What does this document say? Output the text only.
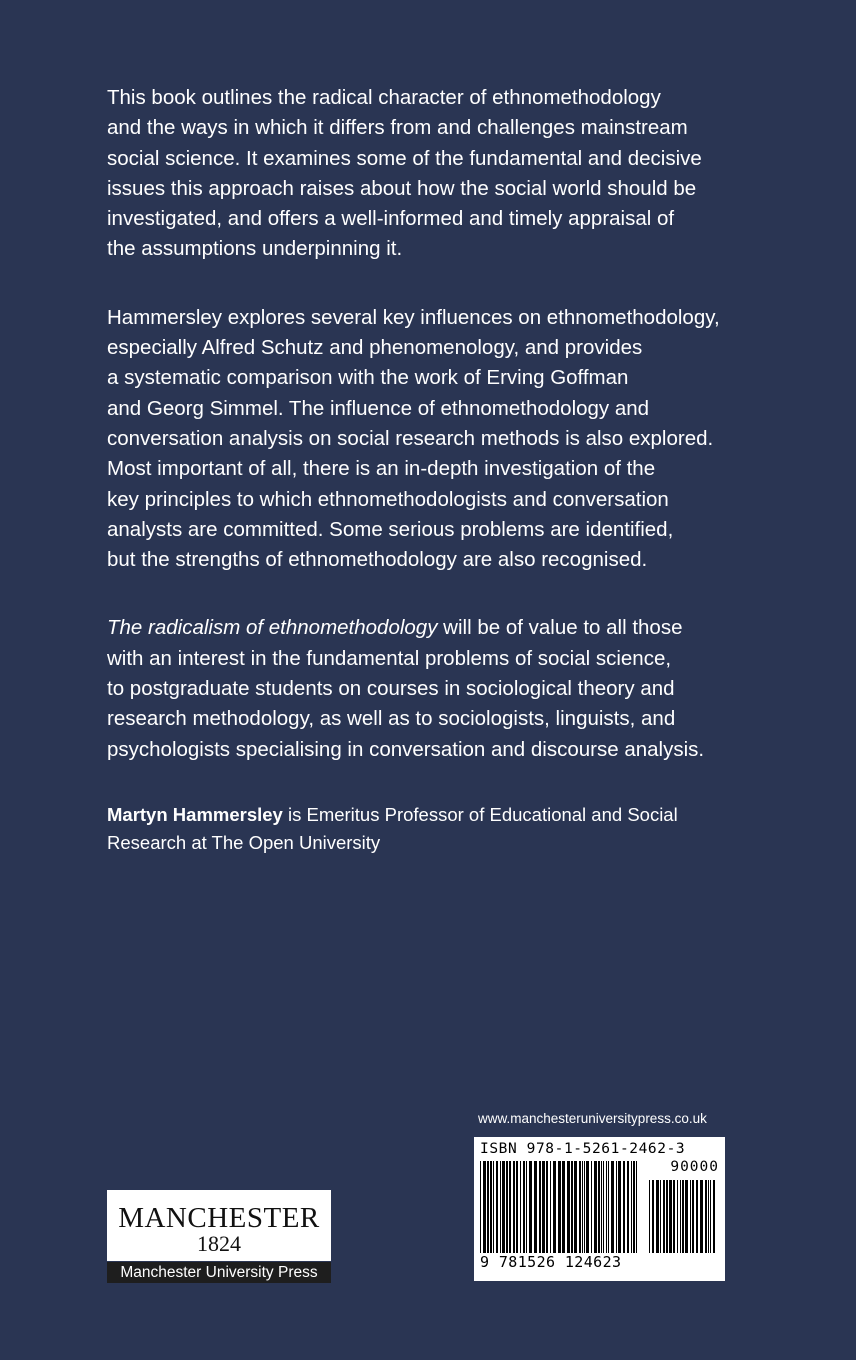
This book outlines the radical character of ethnomethodology
and the ways in which it differs from and challenges mainstream
social science. It examines some of the fundamental and decisive
issues this approach raises about how the social world should be
investigated, and offers a well-informed and timely appraisal of
the assumptions underpinning it.

Hammersley explores several key influences on ethnomethodology,
especially Alfred Schutz and phenomenology, and provides
a systematic comparison with the work of Erving Goffman
and Georg Simmel. The influence of ethnomethodology and
conversation analysis on social research methods is also explored.
Most important of all, there is an in-depth investigation of the
key principles to which ethnomethodologists and conversation
analysts are committed. Some serious problems are identified,
but the strengths of ethnomethodology are also recognised.

The radicalism of ethnomethodology will be of value to all those
with an interest in the fundamental problems of social science,
to postgraduate students on courses in sociological theory and
research methodology, as well as to sociologists, linguists, and
psychologists specialising in conversation and discourse analysis.

Martyn Hammersley is Emeritus Professor of Educational and Social
Research at The Open University

www.manchesteruniversitypress.co.uk
ISBN 978-1-5261-2462-3
90000
9 781526 124623
MANCHESTER
1824
Manchester University Press
